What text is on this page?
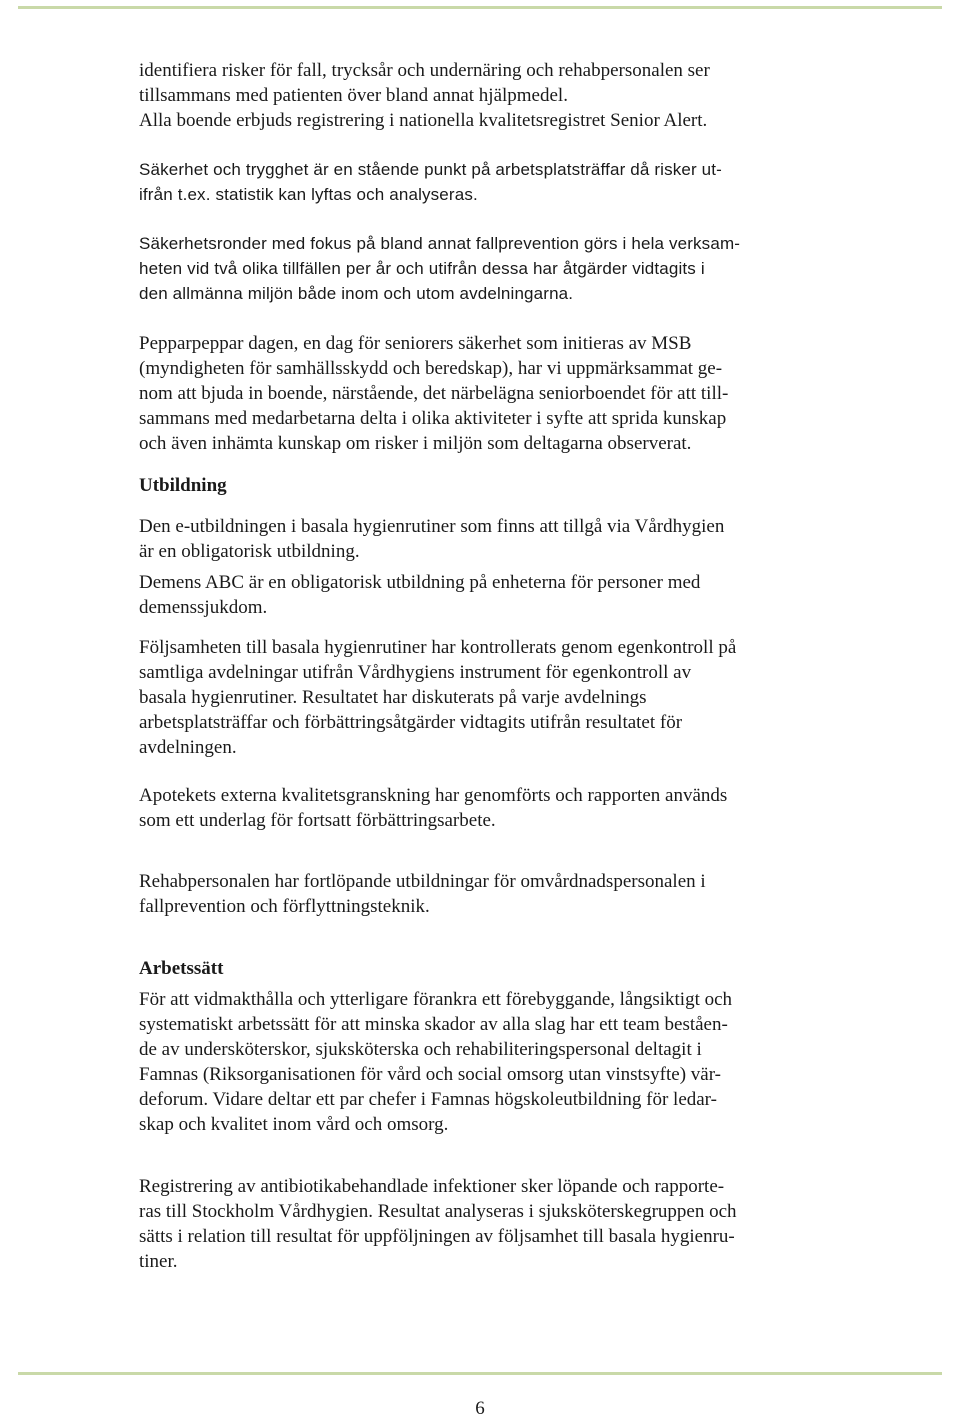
identifiera risker för fall, trycksår och undernäring och rehabpersonalen ser
tillsammans med patienten över bland annat hjälpmedel.
Alla boende erbjuds registrering i nationella kvalitetsregistret Senior Alert.
Säkerhet och trygghet är en stående punkt på arbetsplatsträffar då risker ut-
ifrån t.ex. statistik kan lyftas och analyseras.
Säkerhetsronder med fokus på bland annat fallprevention görs i hela verksam-
heten vid två olika tillfällen per år och utifrån dessa har åtgärder vidtagits i
den allmänna miljön både inom och utom avdelningarna.
Pepparpeppar dagen, en dag för seniorers säkerhet som initieras av MSB
(myndigheten för samhällsskydd och beredskap), har vi uppmärksammat ge-
nom att bjuda in boende, närstående, det närbelägna seniorboendet för att till-
sammans med medarbetarna delta i olika aktiviteter i syfte att sprida kunskap
och även inhämta kunskap om risker i miljön som deltagarna observerat.
Utbildning
Den e-utbildningen i basala hygienrutiner som finns att tillgå via Vårdhygien
är en obligatorisk utbildning.
Demens ABC är en obligatorisk utbildning på enheterna för personer med
demenssjukdom.
Följsamheten till basala hygienrutiner har kontrollerats genom egenkontroll på
samtliga avdelningar utifrån Vårdhygiens instrument för egenkontroll av
basala hygienrutiner. Resultatet har diskuterats på varje avdelnings
arbetsplatsträffar och förbättringsåtgärder vidtagits utifrån resultatet för
avdelningen.
Apotekets externa kvalitetsgranskning har genomförts och rapporten används
som ett underlag för fortsatt förbättringsarbete.
Rehabpersonalen har fortlöpande utbildningar för omvårdnadspersonalen i
fallprevention och förflyttningsteknik.
Arbetssätt
För att vidmakthålla och ytterligare förankra ett förebyggande, långsiktigt och
systematiskt arbetssätt för att minska skador av alla slag har ett team beståen-
de av undersköterskor, sjuksköterska och rehabiliteringspersonal deltagit i
Famnas (Riksorganisationen för vård och social omsorg utan vinstsyfte) vär-
deforum. Vidare deltar ett par chefer i Famnas högskoleutbildning för ledar-
skap och kvalitet inom vård och omsorg.
Registrering av antibiotikabehandlade infektioner sker löpande och rapporte-
ras till Stockholm Vårdhygien. Resultat analyseras i sjuksköterskegruppen och
sätts i relation till resultat för uppföljningen av följsamhet till basala hygienru-
tiner.
6
